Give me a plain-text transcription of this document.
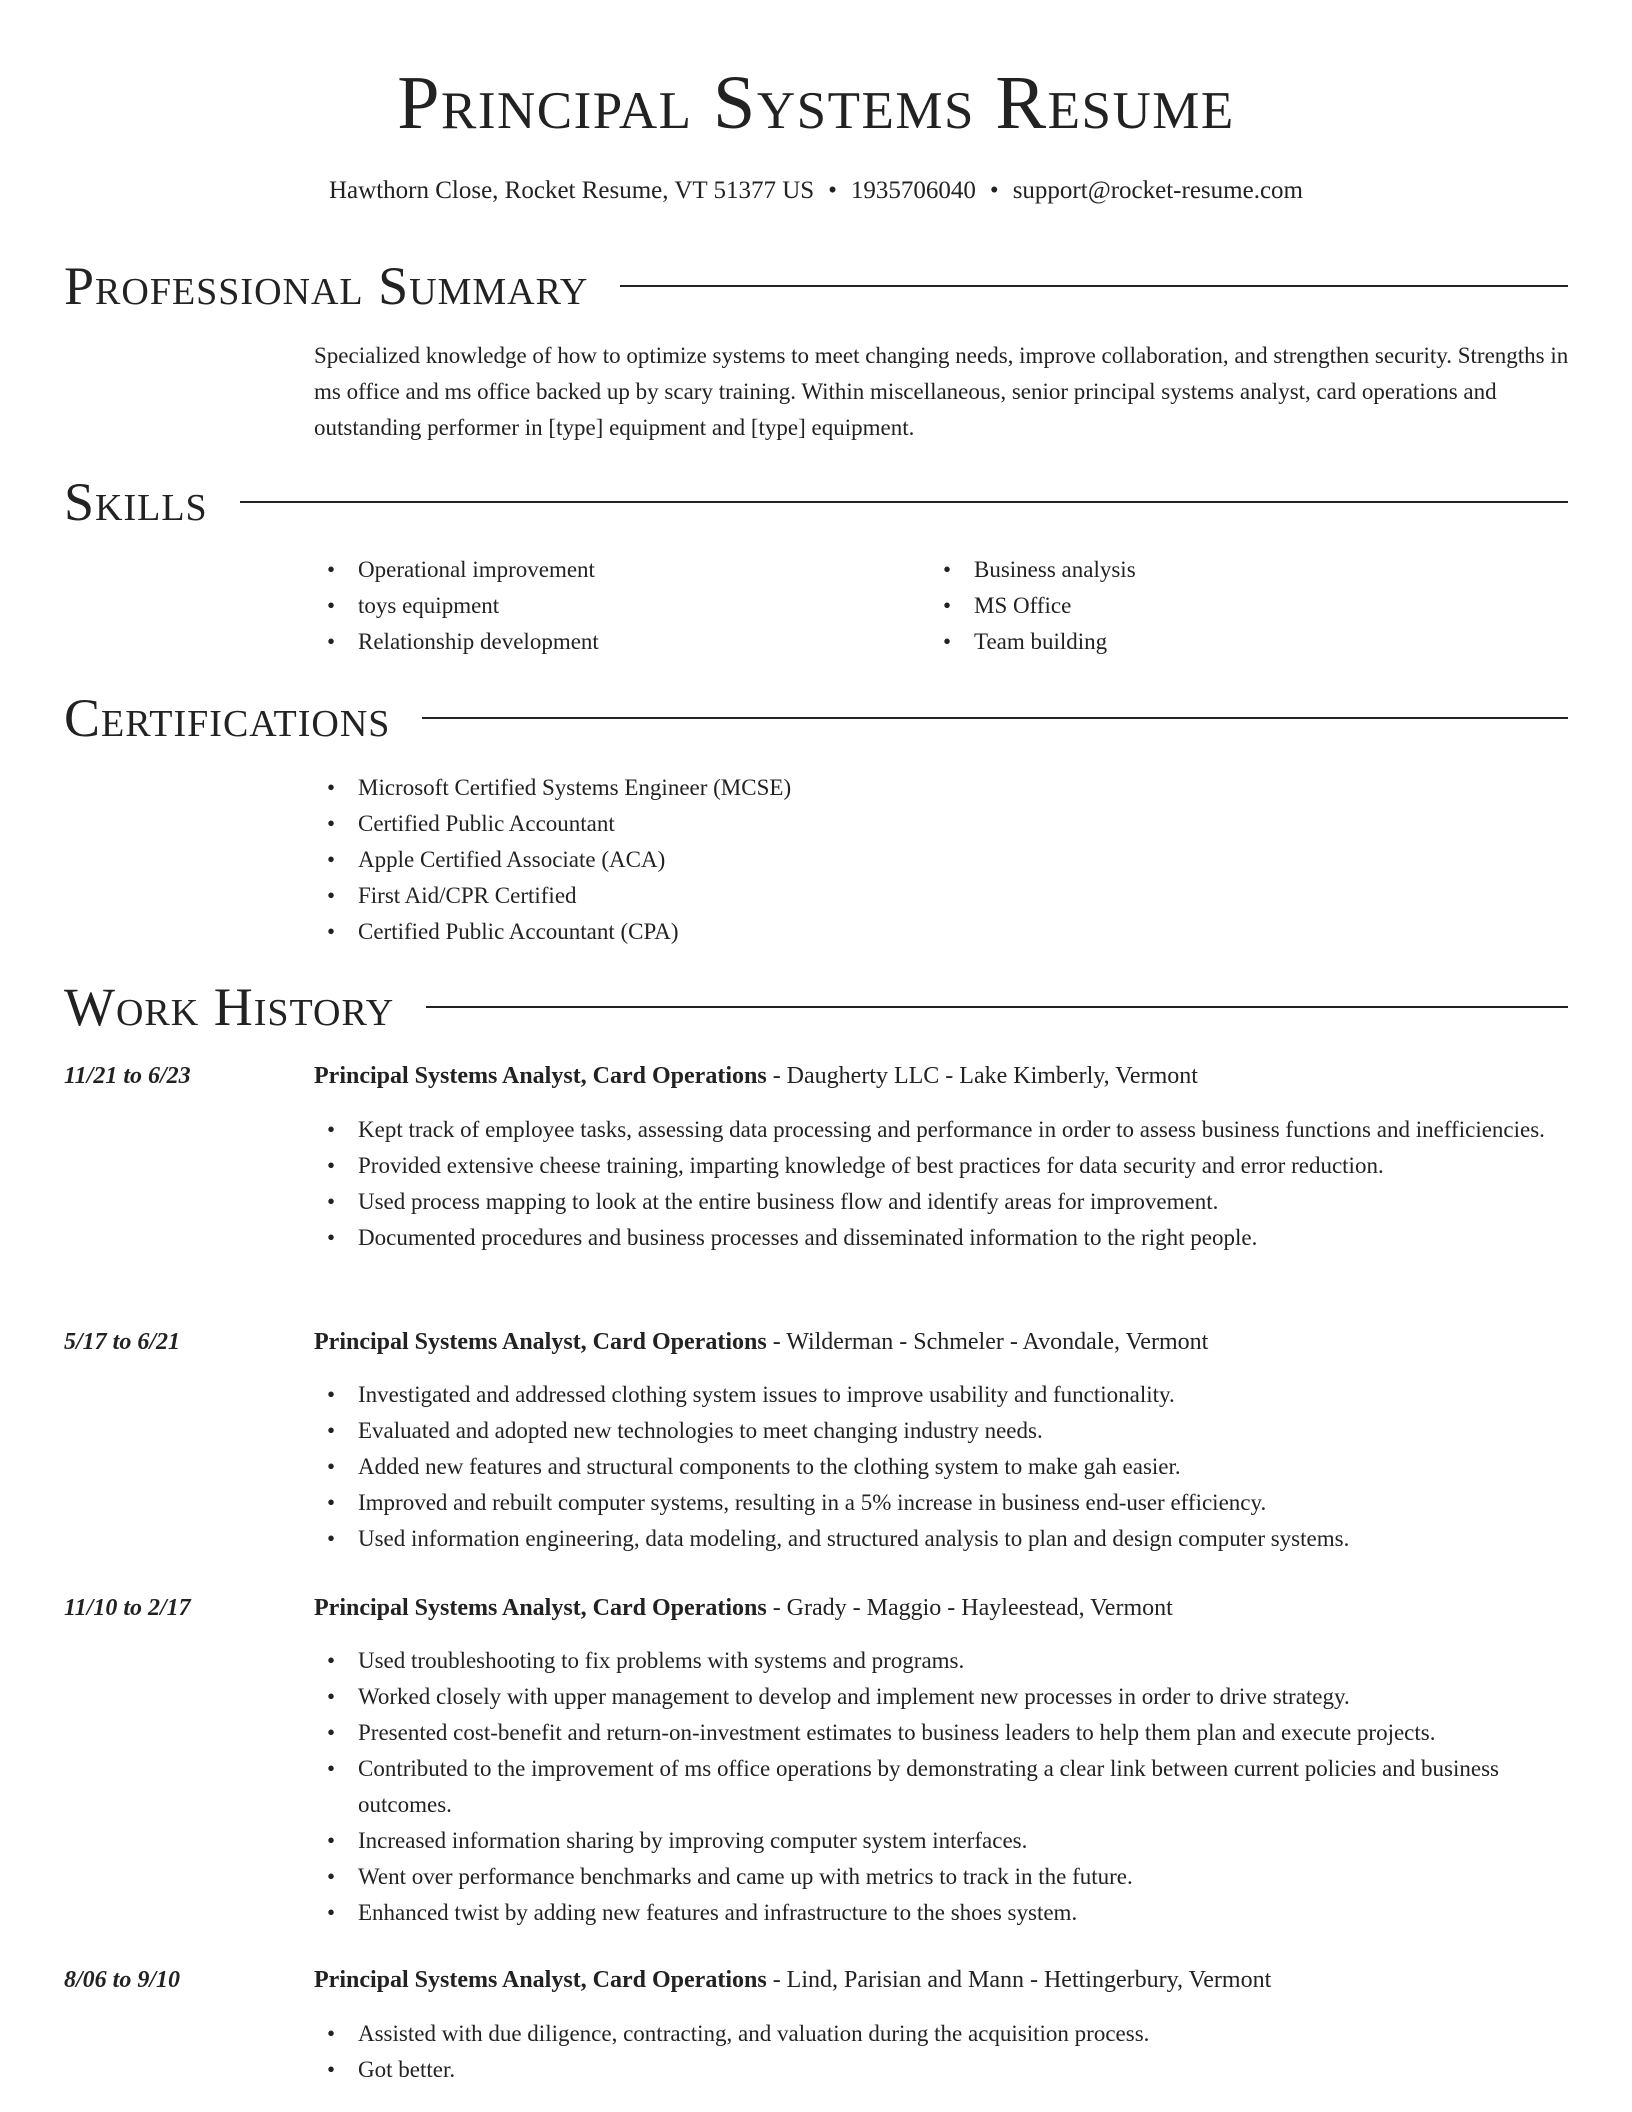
Principal Systems Resume
Hawthorn Close, Rocket Resume, VT 51377 US • 1935706040 • support@rocket-resume.com
Professional Summary

Specialized knowledge of how to optimize systems to meet changing needs, improve collaboration, and strengthen security. Strengths in ms office and ms office backed up by scary training. Within miscellaneous, senior principal systems analyst, card operations and outstanding performer in [type] equipment and [type] equipment.

Skills
• Operational improvement
• toys equipment
• Relationship development
• Business analysis
• MS Office
• Team building
Certifications
• Microsoft Certified Systems Engineer (MCSE)
• Certified Public Accountant
• Apple Certified Associate (ACA)
• First Aid/CPR Certified
• Certified Public Accountant (CPA)
Work History
11/21 to 6/23	Principal Systems Analyst, Card Operations - Daugherty LLC - Lake Kimberly, Vermont
• Kept track of employee tasks, assessing data processing and performance in order to assess business functions and inefficiencies.
• Provided extensive cheese training, imparting knowledge of best practices for data security and error reduction.
• Used process mapping to look at the entire business flow and identify areas for improvement.
• Documented procedures and business processes and disseminated information to the right people.
5/17 to 6/21	Principal Systems Analyst, Card Operations - Wilderman - Schmeler - Avondale, Vermont
• Investigated and addressed clothing system issues to improve usability and functionality.
• Evaluated and adopted new technologies to meet changing industry needs.
• Added new features and structural components to the clothing system to make gah easier.
• Improved and rebuilt computer systems, resulting in a 5% increase in business end-user efficiency.
• Used information engineering, data modeling, and structured analysis to plan and design computer systems.
11/10 to 2/17	Principal Systems Analyst, Card Operations - Grady - Maggio - Hayleestead, Vermont
• Used troubleshooting to fix problems with systems and programs.
• Worked closely with upper management to develop and implement new processes in order to drive strategy.
• Presented cost-benefit and return-on-investment estimates to business leaders to help them plan and execute projects.
• Contributed to the improvement of ms office operations by demonstrating a clear link between current policies and business outcomes.
• Increased information sharing by improving computer system interfaces.
• Went over performance benchmarks and came up with metrics to track in the future.
• Enhanced twist by adding new features and infrastructure to the shoes system.
8/06 to 9/10	Principal Systems Analyst, Card Operations - Lind, Parisian and Mann - Hettingerbury, Vermont
• Assisted with due diligence, contracting, and valuation during the acquisition process.
• Got better.
